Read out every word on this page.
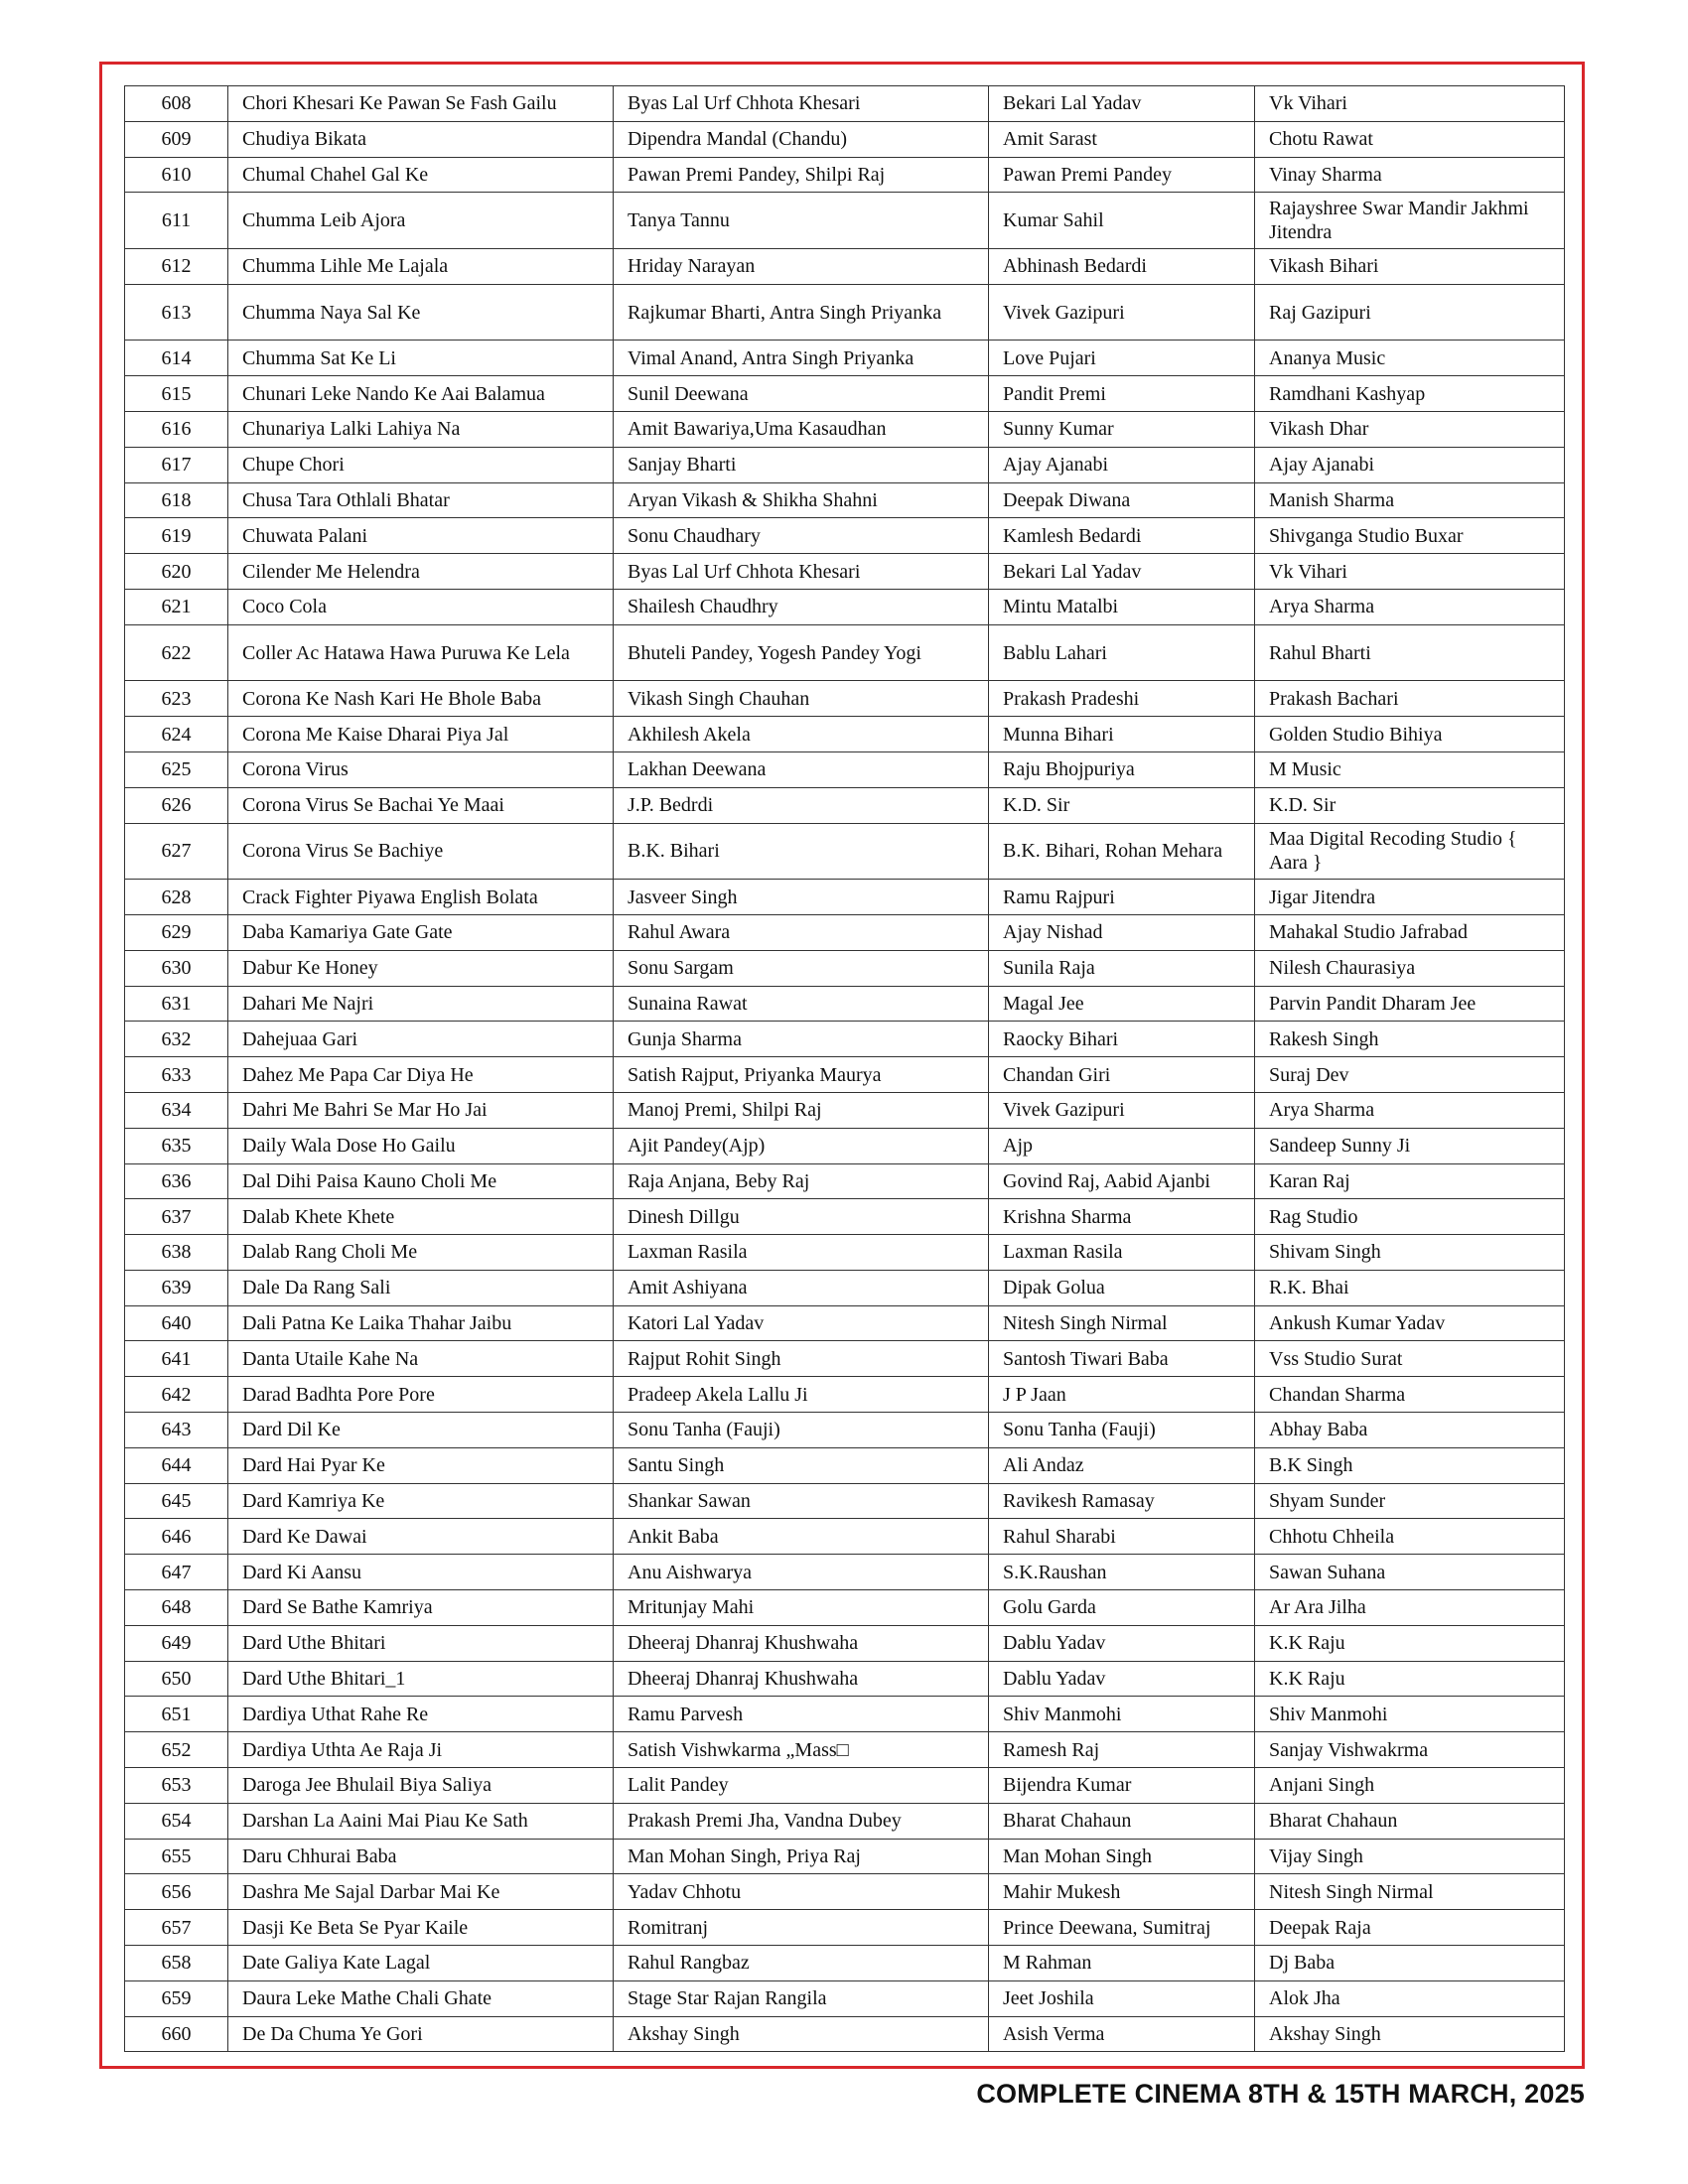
608	Chori Khesari Ke Pawan Se Fash Gailu	Byas Lal Urf Chhota Khesari	Bekari Lal Yadav	Vk Vihari
609	Chudiya Bikata	Dipendra Mandal (Chandu)	Amit Sarast	Chotu Rawat
610	Chumal Chahel Gal Ke	Pawan Premi Pandey, Shilpi Raj	Pawan Premi Pandey	Vinay Sharma
611	Chumma Leib Ajora	Tanya Tannu	Kumar Sahil	Rajayshree Swar Mandir Jakhmi Jitendra
612	Chumma Lihle Me Lajala	Hriday Narayan	Abhinash Bedardi	Vikash Bihari
613	Chumma Naya Sal Ke	Rajkumar Bharti, Antra Singh Priyanka	Vivek Gazipuri	Raj Gazipuri
614	Chumma Sat Ke Li	Vimal Anand, Antra Singh Priyanka	Love Pujari	Ananya Music
615	Chunari Leke Nando Ke Aai Balamua	Sunil Deewana	Pandit Premi	Ramdhani Kashyap
616	Chunariya Lalki Lahiya Na	Amit Bawariya,Uma Kasaudhan	Sunny Kumar	Vikash Dhar
617	Chupe Chori	Sanjay Bharti	Ajay Ajanabi	Ajay Ajanabi
618	Chusa Tara Othlali Bhatar	Aryan Vikash & Shikha Shahni	Deepak Diwana	Manish Sharma
619	Chuwata Palani	Sonu Chaudhary	Kamlesh Bedardi	Shivganga Studio Buxar
620	Cilender Me Helendra	Byas Lal Urf Chhota Khesari	Bekari Lal Yadav	Vk Vihari
621	Coco Cola	Shailesh Chaudhry	Mintu Matalbi	Arya Sharma
622	Coller Ac Hatawa Hawa Puruwa Ke Lela	Bhuteli Pandey, Yogesh Pandey Yogi	Bablu Lahari	Rahul Bharti
623	Corona Ke Nash Kari He Bhole Baba	Vikash Singh Chauhan	Prakash Pradeshi	Prakash Bachari
624	Corona Me Kaise Dharai Piya Jal	Akhilesh Akela	Munna Bihari	Golden Studio Bihiya
625	Corona Virus	Lakhan Deewana	Raju Bhojpuriya	M Music
626	Corona Virus Se Bachai Ye Maai	J.P. Bedrdi	K.D. Sir	K.D. Sir
627	Corona Virus Se Bachiye	B.K. Bihari	B.K. Bihari, Rohan Mehara	Maa Digital Recoding Studio { Aara }
628	Crack Fighter Piyawa English Bolata	Jasveer Singh	Ramu Rajpuri	Jigar Jitendra
629	Daba Kamariya Gate Gate	Rahul Awara	Ajay Nishad	Mahakal Studio Jafrabad
630	Dabur Ke Honey	Sonu Sargam	Sunila Raja	Nilesh Chaurasiya
631	Dahari Me Najri	Sunaina Rawat	Magal Jee	Parvin Pandit Dharam Jee
632	Dahejuaa Gari	Gunja Sharma	Raocky Bihari	Rakesh Singh
633	Dahez Me Papa Car Diya He	Satish Rajput, Priyanka Maurya	Chandan Giri	Suraj Dev
634	Dahri Me Bahri Se Mar Ho Jai	Manoj Premi, Shilpi Raj	Vivek Gazipuri	Arya Sharma
635	Daily Wala Dose Ho Gailu	Ajit Pandey(Ajp)	Ajp	Sandeep Sunny Ji
636	Dal Dihi Paisa Kauno Choli Me	Raja Anjana, Beby Raj	Govind Raj, Aabid Ajanbi	Karan Raj
637	Dalab Khete Khete	Dinesh Dillgu	Krishna Sharma	Rag Studio
638	Dalab Rang Choli Me	Laxman Rasila	Laxman Rasila	Shivam Singh
639	Dale Da Rang Sali	Amit Ashiyana	Dipak Golua	R.K. Bhai
640	Dali Patna Ke Laika Thahar Jaibu	Katori Lal Yadav	Nitesh Singh Nirmal	Ankush Kumar Yadav
641	Danta Utaile Kahe Na	Rajput Rohit Singh	Santosh Tiwari Baba	Vss Studio Surat
642	Darad Badhta Pore Pore	Pradeep Akela Lallu Ji	J P Jaan	Chandan Sharma
643	Dard Dil Ke	Sonu Tanha (Fauji)	Sonu Tanha (Fauji)	Abhay Baba
644	Dard Hai Pyar Ke	Santu Singh	Ali Andaz	B.K Singh
645	Dard Kamriya Ke	Shankar Sawan	Ravikesh Ramasay	Shyam Sunder
646	Dard Ke Dawai	Ankit Baba	Rahul Sharabi	Chhotu Chheila
647	Dard Ki Aansu	Anu Aishwarya	S.K.Raushan	Sawan Suhana
648	Dard Se Bathe Kamriya	Mritunjay Mahi	Golu Garda	Ar Ara Jilha
649	Dard Uthe Bhitari	Dheeraj Dhanraj Khushwaha	Dablu Yadav	K.K Raju
650	Dard Uthe Bhitari_1	Dheeraj Dhanraj Khushwaha	Dablu Yadav	K.K Raju
651	Dardiya Uthat Rahe Re	Ramu Parvesh	Shiv Manmohi	Shiv Manmohi
652	Dardiya Uthta Ae Raja Ji	Satish Vishwkarma „Mass□	Ramesh Raj	Sanjay Vishwakrma
653	Daroga Jee Bhulail Biya Saliya	Lalit Pandey	Bijendra Kumar	Anjani Singh
654	Darshan La Aaini Mai Piau Ke Sath	Prakash Premi Jha, Vandna Dubey	Bharat Chahaun	Bharat Chahaun
655	Daru Chhurai Baba	Man Mohan Singh, Priya Raj	Man Mohan Singh	Vijay Singh
656	Dashra Me Sajal Darbar Mai Ke	Yadav Chhotu	Mahir Mukesh	Nitesh Singh Nirmal
657	Dasji Ke Beta Se Pyar Kaile	Romitranj	Prince Deewana, Sumitraj	Deepak Raja
658	Date Galiya Kate Lagal	Rahul Rangbaz	M Rahman	Dj Baba
659	Daura Leke Mathe Chali Ghate	Stage Star Rajan Rangila	Jeet Joshila	Alok Jha
660	De Da Chuma Ye Gori	Akshay Singh	Asish Verma	Akshay Singh
COMPLETE CINEMA 8TH & 15TH MARCH, 2025
